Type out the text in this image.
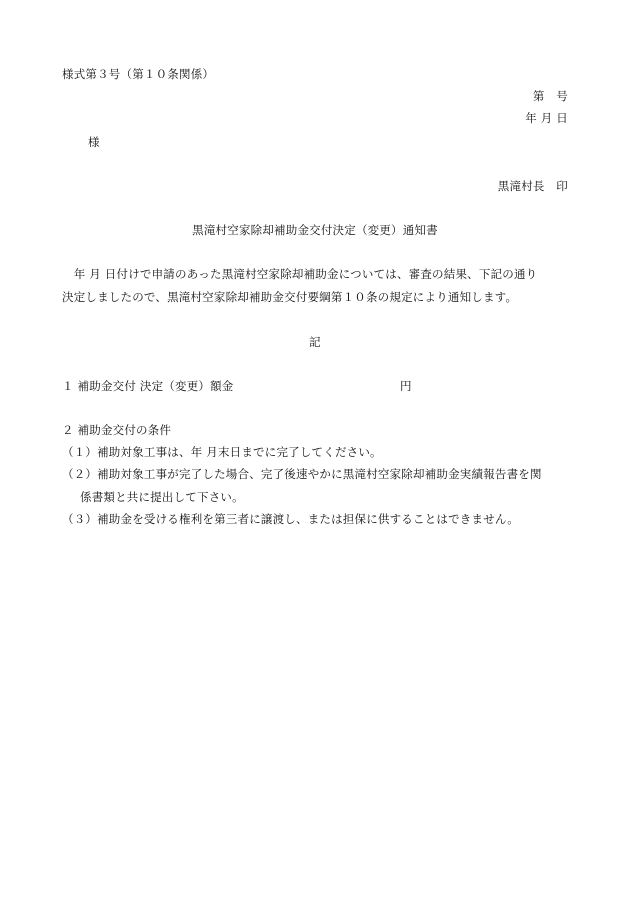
様式第３号（第１０条関係）
第　号
年 月 日
様
黒滝村長　印
黒滝村空家除却補助金交付決定（変更）通知書
　年 月 日付けで申請のあった黒滝村空家除却補助金については、審査の結果、下記の通り
決定しましたので、黒滝村空家除却補助金交付要綱第１０条の規定により通知します。
記
１ 補助金交付 決定（変更）額金	円
２ 補助金交付の条件
（１）補助対象工事は、年 月末日までに完了してください。
（２）補助対象工事が完了した場合、完了後速やかに黒滝村空家除却補助金実績報告書を関
係書類と共に提出して下さい。
（３）補助金を受ける権利を第三者に譲渡し、または担保に供することはできません。
